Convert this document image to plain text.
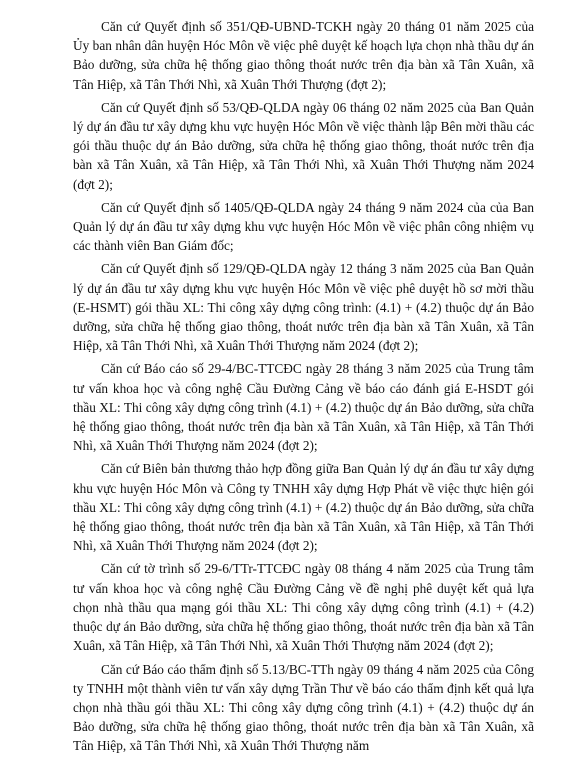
Căn cứ Quyết định số 351/QĐ-UBND-TCKH ngày 20 tháng 01 năm 2025 của Ủy ban nhân dân huyện Hóc Môn về việc phê duyệt kế hoạch lựa chọn nhà thầu dự án Bảo dưỡng, sửa chữa hệ thống giao thông thoát nước trên địa bàn xã Tân Xuân, xã Tân Hiệp, xã Tân Thới Nhì, xã Xuân Thới Thượng (đợt 2);

Căn cứ Quyết định số 53/QĐ-QLDA ngày 06 tháng 02 năm 2025 của Ban Quản lý dự án đầu tư xây dựng khu vực huyện Hóc Môn về việc thành lập Bên mời thầu các gói thầu thuộc dự án Bảo dưỡng, sửa chữa hệ thống giao thông, thoát nước trên địa bàn xã Tân Xuân, xã Tân Hiệp, xã Tân Thới Nhì, xã Xuân Thới Thượng năm 2024 (đợt 2);

Căn cứ Quyết định số 1405/QĐ-QLDA ngày 24 tháng 9 năm 2024 của của Ban Quản lý dự án đầu tư xây dựng khu vực huyện Hóc Môn về việc phân công nhiệm vụ các thành viên Ban Giám đốc;

Căn cứ Quyết định số 129/QĐ-QLDA ngày 12 tháng 3 năm 2025 của Ban Quản lý dự án đầu tư xây dựng khu vực huyện Hóc Môn về việc phê duyệt hồ sơ mời thầu (E-HSMT) gói thầu XL: Thi công xây dựng công trình: (4.1) + (4.2) thuộc dự án Bảo dưỡng, sửa chữa hệ thống giao thông, thoát nước trên địa bàn xã Tân Xuân, xã Tân Hiệp, xã Tân Thới Nhì, xã Xuân Thới Thượng năm 2024 (đợt 2);

Căn cứ Báo cáo số 29-4/BC-TTCĐC ngày 28 tháng 3 năm 2025 của Trung tâm tư vấn khoa học và công nghệ Cầu Đường Cảng về báo cáo đánh giá E-HSDT gói thầu XL: Thi công xây dựng công trình (4.1) + (4.2) thuộc dự án Bảo dưỡng, sửa chữa hệ thống giao thông, thoát nước trên địa bàn xã Tân Xuân, xã Tân Hiệp, xã Tân Thới Nhì, xã Xuân Thới Thượng năm 2024 (đợt 2);

Căn cứ Biên bản thương thảo hợp đồng giữa Ban Quản lý dự án đầu tư xây dựng khu vực huyện Hóc Môn và Công ty TNHH xây dựng Hợp Phát về việc thực hiện gói thầu XL: Thi công xây dựng công trình (4.1) + (4.2) thuộc dự án Bảo dưỡng, sửa chữa hệ thống giao thông, thoát nước trên địa bàn xã Tân Xuân, xã Tân Hiệp, xã Tân Thới Nhì, xã Xuân Thới Thượng năm 2024 (đợt 2);

Căn cứ tờ trình số 29-6/TTr-TTCĐC ngày 08 tháng 4 năm 2025 của Trung tâm tư vấn khoa học và công nghệ Cầu Đường Cảng về đề nghị phê duyệt kết quả lựa chọn nhà thầu qua mạng gói thầu XL: Thi công xây dựng công trình (4.1) + (4.2) thuộc dự án Bảo dưỡng, sửa chữa hệ thống giao thông, thoát nước trên địa bàn xã Tân Xuân, xã Tân Hiệp, xã Tân Thới Nhì, xã Xuân Thới Thượng năm 2024 (đợt 2);

Căn cứ Báo cáo thẩm định số 5.13/BC-TTh ngày 09 tháng 4 năm 2025 của Công ty TNHH một thành viên tư vấn xây dựng Trần Thư về báo cáo thẩm định kết quả lựa chọn nhà thầu gói thầu XL: Thi công xây dựng công trình (4.1) + (4.2) thuộc dự án Bảo dưỡng, sửa chữa hệ thống giao thông, thoát nước trên địa bàn xã Tân Xuân, xã Tân Hiệp, xã Tân Thới Nhì, xã Xuân Thới Thượng năm
